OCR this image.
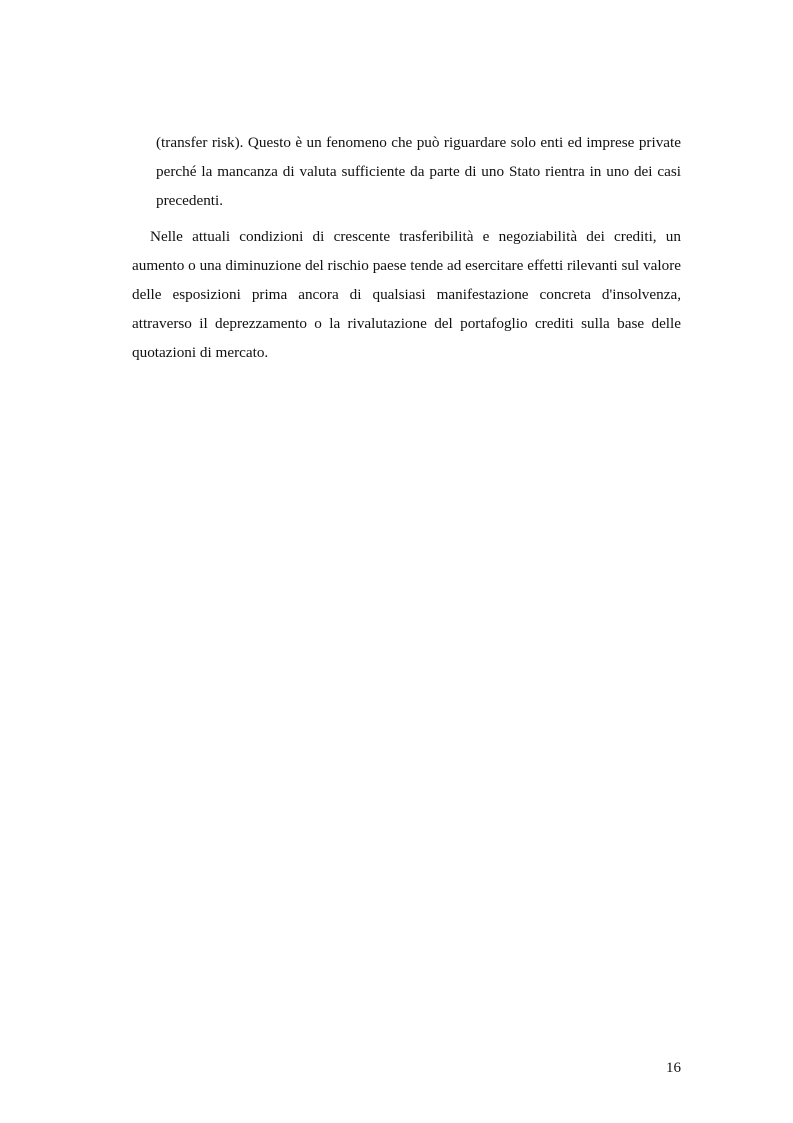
(transfer risk). Questo è un fenomeno che può riguardare solo enti ed imprese private perché la mancanza di valuta sufficiente da parte di uno Stato rientra in uno dei casi precedenti.

Nelle attuali condizioni di crescente trasferibilità e negoziabilità dei crediti, un aumento o una diminuzione del rischio paese tende ad esercitare effetti rilevanti sul valore delle esposizioni prima ancora di qualsiasi manifestazione concreta d'insolvenza, attraverso il deprezzamento o la rivalutazione del portafoglio crediti sulla base delle quotazioni di mercato.

16
